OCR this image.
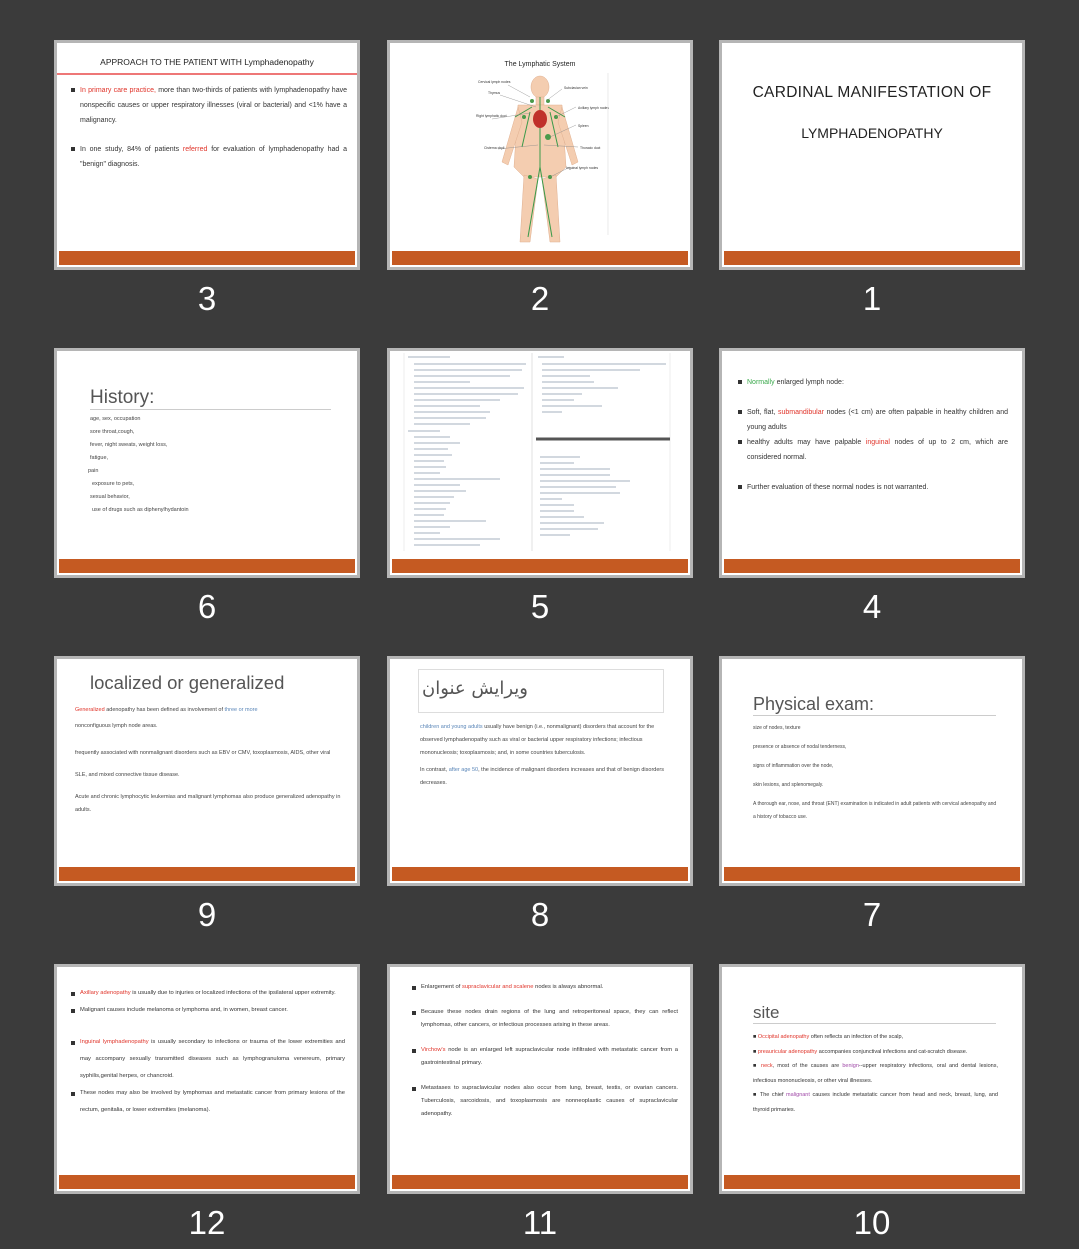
APPROACH TO THE PATIENT WITH Lymphadenopathy
In primary care practice, more than two-thirds of patients with lymphadenopathy have nonspecific causes or upper respiratory illnesses (viral or bacterial) and <1% have a malignancy.
In one study, 84% of patients referred for evaluation of lymphadenopathy had a "benign" diagnosis.
3
The Lymphatic System
Cervical lymph nodes
Thymus
Right lymphatic duct
Cisterna chyli
Subclavian vein
Axillary lymph nodes
Spleen
Thoracic duct
Inguinal lymph nodes
2
CARDINAL MANIFESTATION OF
LYMPHADENOPATHY
1
History:
age, sex, occupation
sore throat,cough,
fever, night sweats, weight loss,
fatigue,
pain
exposure to pets,
sexual behavior,
use of drugs such as diphenylhydantoin
6	5
Normally enlarged lymph node:
Soft, flat, submandibular nodes (<1 cm) are often palpable in healthy children and young adults
healthy adults may have palpable inguinal nodes of up to 2 cm, which are considered normal.
Further evaluation of these normal nodes is not warranted.
4
localized or generalized
Generalized adenopathy has been defined as involvement of three or more
nonconfiguous lymph node areas.
frequently associated with nonmalignant disorders such as EBV or CMV, toxoplasmosis, AIDS, other viral
SLE, and mixed connective tissue disease.
Acute and chronic lymphocytic leukemias and malignant lymphomas also produce generalized adenopathy in adults.
9
ویرایش عنوان
children and young adults usually have benign (i.e., nonmalignant) disorders that account for the observed lymphadenopathy such as viral or bacterial upper respiratory infections; infectious mononucleosis; toxoplasmosis; and, in some countries tuberculosis.
In contrast, after age 50, the incidence of malignant disorders increases and that of benign disorders decreases.
8
Physical exam:
size of nodes, texture
presence or absence of nodal tenderness,
signs of inflammation over the node,
skin lesions, and splenomegaly.
A thorough ear, nose, and throat (ENT) examination is indicated in adult patients with cervical adenopathy and a history of tobacco use.
7
Axillary adenopathy is usually due to injuries or localized infections of the ipsilateral upper extremity.
Malignant causes include melanoma or lymphoma and, in women, breast cancer.
Inguinal lymphadenopathy is usually secondary to infections or trauma of the lower extremities and may accompany sexually transmitted diseases such as lymphogranuloma venereum, primary syphilis,genital herpes, or chancroid.
These nodes may also be involved by lymphomas and metastatic cancer from primary lesions of the rectum, genitalia, or lower extremities (melanoma).
12
Enlargement of supraclavicular and scalene nodes is always abnormal.
Because these nodes drain regions of the lung and retroperitoneal space, they can reflect lymphomas, other cancers, or infectious processes arising in these areas.
Virchow's node is an enlarged left supraclavicular node infiltrated with metastatic cancer from a gastrointestinal primary.
Metastases to supraclavicular nodes also occur from lung, breast, testis, or ovarian cancers. Tuberculosis, sarcoidosis, and toxoplasmosis are nonneoplastic causes of supraclavicular adenopathy.
11
site
■ Occipital adenopathy often reflects an infection of the scalp,
■ preauricular adenopathy accompanies conjunctival infections and cat-scratch disease.
■ neck, most of the causes are benign--upper respiratory infections, oral and dental lesions, infectious mononucleosis, or other viral illnesses.
■ The chief malignant causes include metastatic cancer from head and neck, breast, lung, and thyroid primaries.
10
